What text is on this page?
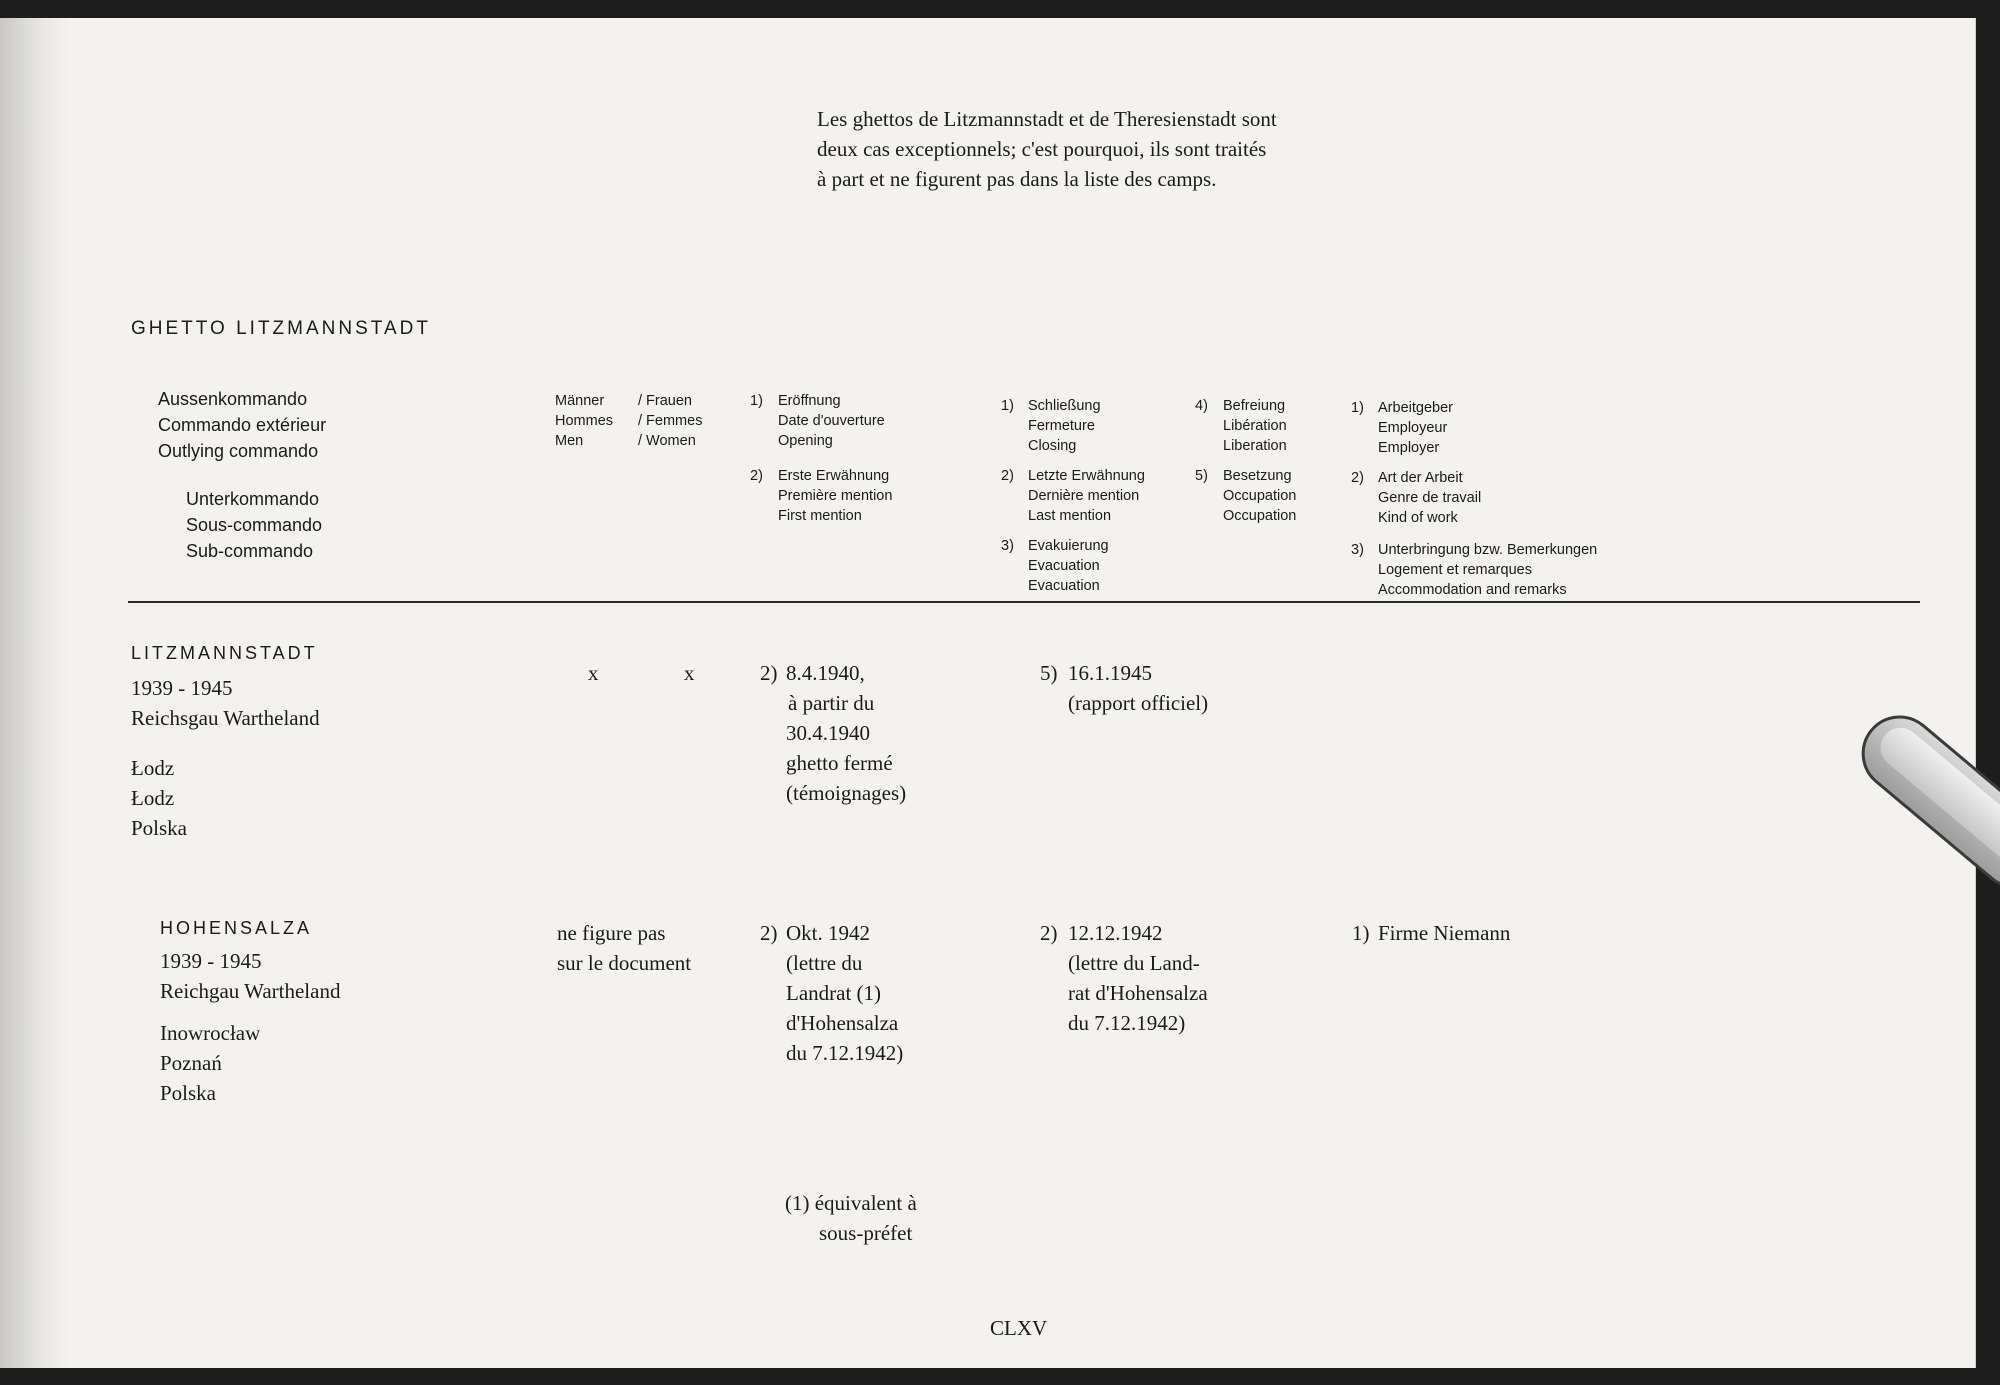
Les ghettos de Litzmannstadt et de Theresienstadt sont
deux cas exceptionnels; c'est pourquoi, ils sont traités
à part et ne figurent pas dans la liste des camps.
GHETTO LITZMANNSTADT
Aussenkommando
Commando extérieur
Outlying commando
Unterkommando
Sous-commando
Sub-commando
Männer
Hommes
Men
/ Frauen
/ Femmes
/ Women
1) Eröffnung
Date d'ouverture
Opening
2) Erste Erwähnung
Première mention
First mention
1) Schließung
Fermeture
Closing
2) Letzte Erwähnung
Dernière mention
Last mention
3) Evakuierung
Evacuation
Evacuation
4) Befreiung
Libération
Liberation
5) Besetzung
Occupation
Occupation
1) Arbeitgeber
Employeur
Employer
2) Art der Arbeit
Genre de travail
Kind of work
3) Unterbringung bzw. Bemerkungen
Logement et remarques
Accommodation and remarks
LITZMANNSTADT
1939 - 1945
Reichsgau Wartheland
Łodz
Łodz
Polska
x	x	2) 8.4.1940,
à partir du
30.4.1940
ghetto fermé
(témoignages)
5) 16.1.1945
(rapport officiel)
HOHENSALZA
1939 - 1945
Reichgau Wartheland
Inowrocław
Poznań
Polska
ne figure pas
sur le document
2) Okt. 1942
(lettre du
Landrat (1)
d'Hohensalza
du 7.12.1942)
2) 12.12.1942
(lettre du Land-
rat d'Hohensalza
du 7.12.1942)
1) Firme Niemann
(1) équivalent à
sous-préfet
CLXV
